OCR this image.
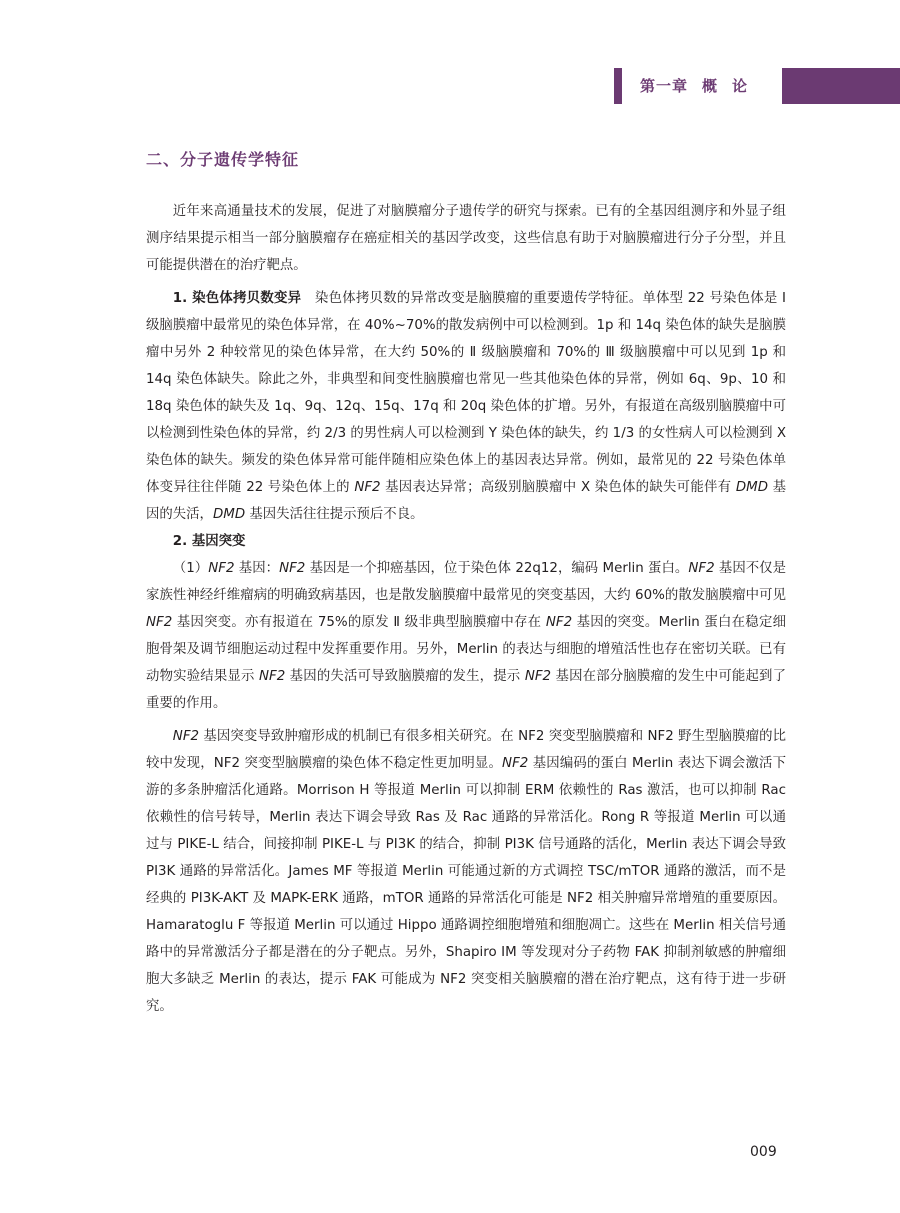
第一章 概 论
二、分子遗传学特征

近年来高通量技术的发展，促进了对脑膜瘤分子遗传学的研究与探索。已有的全基因组测序和外显子组测序结果提示相当一部分脑膜瘤存在癌症相关的基因学改变，这些信息有助于对脑膜瘤进行分子分型，并且可能提供潜在的治疗靶点。

1. 染色体拷贝数变异　 染色体拷贝数的异常改变是脑膜瘤的重要遗传学特征。单体型 22 号染色体是 Ⅰ 级脑膜瘤中最常见的染色体异常，在 40%~70%的散发病例中可以检测到。1p 和 14q 染色体的缺失是脑膜瘤中另外 2 种较常见的染色体异常，在大约 50%的 Ⅱ 级脑膜瘤和 70%的 Ⅲ 级脑膜瘤中可以见到 1p 和 14q 染色体缺失。除此之外，非典型和间变性脑膜瘤也常见一些其他染色体的异常，例如 6q、9p、10 和 18q 染色体的缺失及 1q、9q、12q、15q、17q 和 20q 染色体的扩增。另外，有报道在高级别脑膜瘤中可以检测到性染色体的异常，约 2/3 的男性病人可以检测到 Y 染色体的缺失，约 1/3 的女性病人可以检测到 X 染色体的缺失。频发的染色体异常可能伴随相应染色体上的基因表达异常。例如，最常见的 22 号染色体单体变异往往伴随 22 号染色体上的 NF2 基因表达异常；高级别脑膜瘤中 X 染色体的缺失可能伴有 DMD 基因的失活，DMD 基因失活往往提示预后不良。

2. 基因突变

（1）NF2 基因：NF2 基因是一个抑癌基因，位于染色体 22q12，编码 Merlin 蛋白。NF2 基因不仅是家族性神经纤维瘤病的明确致病基因，也是散发脑膜瘤中最常见的突变基因，大约 60%的散发脑膜瘤中可见 NF2 基因突变。亦有报道在 75%的原发 Ⅱ 级非典型脑膜瘤中存在 NF2 基因的突变。Merlin 蛋白在稳定细胞骨架及调节细胞运动过程中发挥重要作用。另外，Merlin 的表达与细胞的增殖活性也存在密切关联。已有动物实验结果显示 NF2 基因的失活可导致脑膜瘤的发生，提示 NF2 基因在部分脑膜瘤的发生中可能起到了重要的作用。

NF2 基因突变导致肿瘤形成的机制已有很多相关研究。在 NF2 突变型脑膜瘤和 NF2 野生型脑膜瘤的比较中发现，NF2 突变型脑膜瘤的染色体不稳定性更加明显。NF2 基因编码的蛋白 Merlin 表达下调会激活下游的多条肿瘤活化通路。Morrison H 等报道 Merlin 可以抑制 ERM 依赖性的 Ras 激活，也可以抑制 Rac 依赖性的信号转导，Merlin 表达下调会导致 Ras 及 Rac 通路的异常活化。Rong R 等报道 Merlin 可以通过与 PIKE-L 结合，间接抑制 PIKE-L 与 PI3K 的结合，抑制 PI3K 信号通路的活化，Merlin 表达下调会导致 PI3K 通路的异常活化。James MF 等报道 Merlin 可能通过新的方式调控 TSC/mTOR 通路的激活，而不是经典的 PI3K-AKT 及 MAPK-ERK 通路，mTOR 通路的异常活化可能是 NF2 相关肿瘤异常增殖的重要原因。Hamaratoglu F 等报道 Merlin 可以通过 Hippo 通路调控细胞增殖和细胞凋亡。这些在 Merlin 相关信号通路中的异常激活分子都是潜在的分子靶点。另外，Shapiro IM 等发现对分子药物 FAK 抑制剂敏感的肿瘤细胞大多缺乏 Merlin 的表达，提示 FAK 可能成为 NF2 突变相关脑膜瘤的潜在治疗靶点，这有待于进一步研究。

009
